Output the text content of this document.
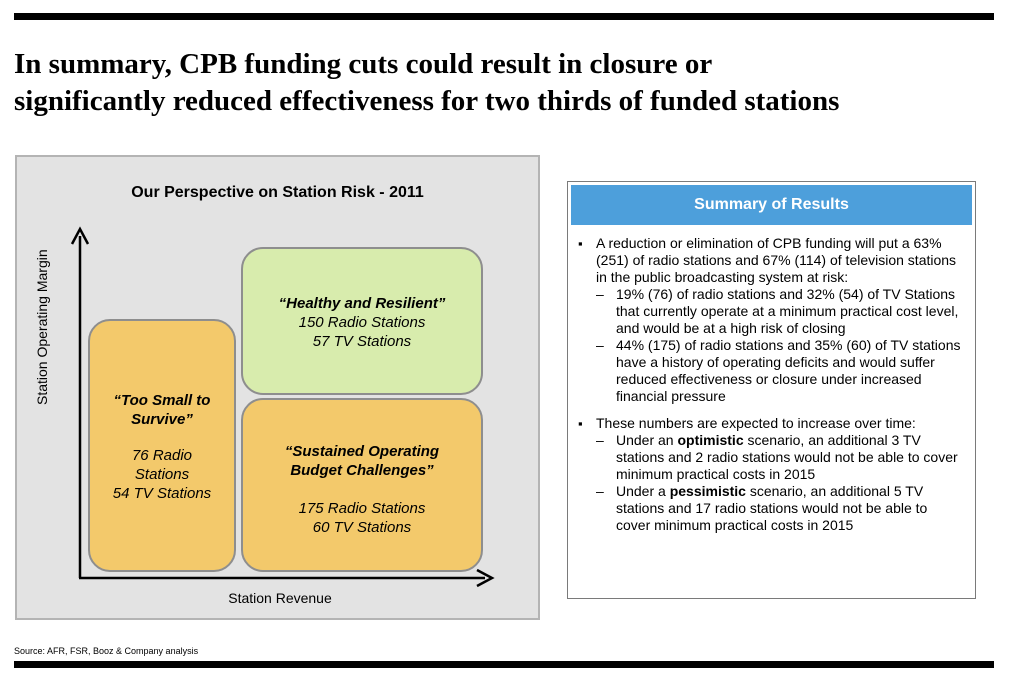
In summary, CPB funding cuts could result in closure or
significantly reduced effectiveness for two thirds of funded stations
Our Perspective on Station Risk - 2011
Station Operating Margin
Station Revenue
“Too Small to
Survive”
76 Radio
Stations
54 TV Stations
“Healthy and Resilient”
150 Radio Stations
57 TV Stations
“Sustained Operating
Budget Challenges”
175 Radio Stations
60 TV Stations
Summary of Results
▪ A reduction or elimination of CPB funding will put a 63% (251) of radio stations and 67% (114) of television stations in the public broadcasting system at risk:
– 19% (76) of radio stations and 32% (54) of TV Stations that currently operate at a minimum practical cost level, and would be at a high risk of closing
– 44% (175) of radio stations and 35% (60) of TV stations have a history of operating deficits and would suffer reduced effectiveness or closure under increased financial pressure
▪ These numbers are expected to increase over time:
– Under an optimistic scenario, an additional 3 TV stations and 2 radio stations would not be able to cover minimum practical costs in 2015
– Under a pessimistic scenario, an additional 5 TV stations and 17 radio stations would not be able to cover minimum practical costs in 2015
Source: AFR, FSR, Booz & Company analysis
